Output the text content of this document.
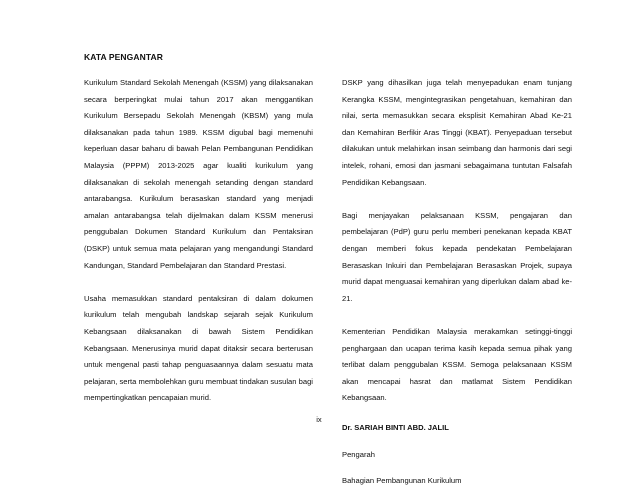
KATA PENGANTAR

Kurikulum Standard Sekolah Menengah (KSSM) yang dilaksanakan secara berperingkat mulai tahun 2017 akan menggantikan Kurikulum Bersepadu Sekolah Menengah (KBSM) yang mula dilaksanakan pada tahun 1989. KSSM digubal bagi memenuhi keperluan dasar baharu di bawah Pelan Pembangunan Pendidikan Malaysia (PPPM) 2013-2025 agar kualiti kurikulum yang dilaksanakan di sekolah menengah setanding dengan standard antarabangsa. Kurikulum berasaskan standard yang menjadi amalan antarabangsa telah dijelmakan dalam KSSM menerusi penggubalan Dokumen Standard Kurikulum dan Pentaksiran (DSKP) untuk semua mata pelajaran yang mengandungi Standard Kandungan, Standard Pembelajaran dan Standard Prestasi.

Usaha memasukkan standard pentaksiran di dalam dokumen kurikulum telah mengubah landskap sejarah sejak Kurikulum Kebangsaan dilaksanakan di bawah Sistem Pendidikan Kebangsaan. Menerusinya murid dapat ditaksir secara berterusan untuk mengenal pasti tahap penguasaannya dalam sesuatu mata pelajaran, serta membolehkan guru membuat tindakan susulan bagi mempertingkatkan pencapaian murid.

DSKP yang dihasilkan juga telah menyepadukan enam tunjang Kerangka KSSM, mengintegrasikan pengetahuan, kemahiran dan nilai, serta memasukkan secara eksplisit Kemahiran Abad Ke-21 dan Kemahiran Berfikir Aras Tinggi (KBAT). Penyepaduan tersebut dilakukan untuk melahirkan insan seimbang dan harmonis dari segi intelek, rohani, emosi dan jasmani sebagaimana tuntutan Falsafah Pendidikan Kebangsaan.

Bagi menjayakan pelaksanaan KSSM, pengajaran dan pembelajaran (PdP) guru perlu memberi penekanan kepada KBAT dengan memberi fokus kepada pendekatan Pembelajaran Berasaskan Inkuiri dan Pembelajaran Berasaskan Projek, supaya murid dapat menguasai kemahiran yang diperlukan dalam abad ke-21.

Kementerian Pendidikan Malaysia merakamkan setinggi-tinggi penghargaan dan ucapan terima kasih kepada semua pihak yang terlibat dalam penggubalan KSSM. Semoga pelaksanaan KSSM akan mencapai hasrat dan matlamat Sistem Pendidikan Kebangsaan.

Dr. SARIAH BINTI ABD. JALIL

Pengarah

Bahagian Pembangunan Kurikulum

ix
